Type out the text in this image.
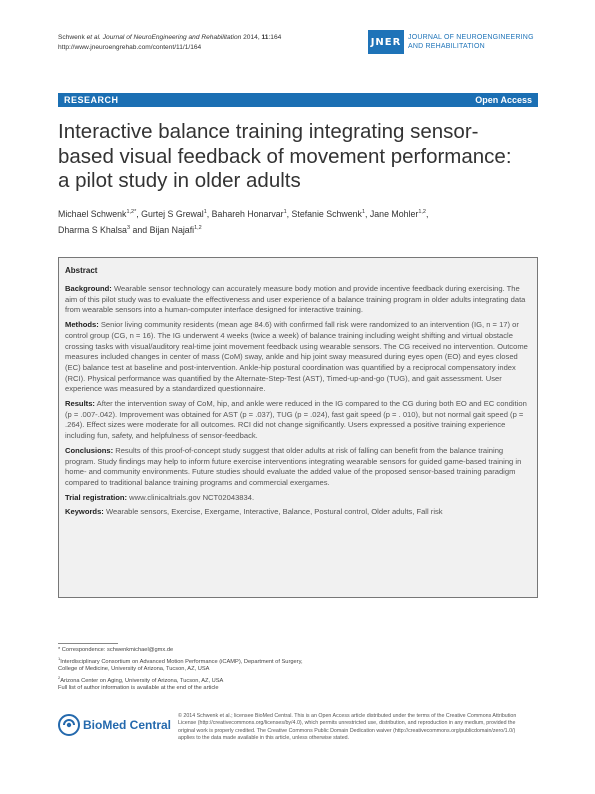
Schwenk et al. Journal of NeuroEngineering and Rehabilitation 2014, 11:164
http://www.jneuroengrehab.com/content/11/1/164	JNER JOURNAL OF NEUROENGINEERING
AND REHABILITATION
RESEARCH	Open Access
Interactive balance training integrating sensor-based visual feedback of movement performance: a pilot study in older adults
Michael Schwenk$^{1,2*}$, Gurtej S Grewal$^1$, Bahareh Honarvar$^1$, Stefanie Schwenk$^1$, Jane Mohler$^{1,2}$,
Dharma S Khalsa$^3$ and Bijan Najafi$^{1,2}$
Abstract

Background: Wearable sensor technology can accurately measure body motion and provide incentive feedback during exercising. The aim of this pilot study was to evaluate the effectiveness and user experience of a balance training program in older adults integrating data from wearable sensors into a human-computer interface designed for interactive training.

Methods: Senior living community residents (mean age 84.6) with confirmed fall risk were randomized to an intervention (IG, n = 17) or control group (CG, n = 16). The IG underwent 4 weeks (twice a week) of balance training including weight shifting and virtual obstacle crossing tasks with visual/auditory real-time joint movement feedback using wearable sensors. The CG received no intervention. Outcome measures included changes in center of mass (CoM) sway, ankle and hip joint sway measured during eyes open (EO) and eyes closed (EC) balance test at baseline and post-intervention. Ankle-hip postural coordination was quantified by a reciprocal compensatory index (RCI). Physical performance was quantified by the Alternate-Step-Test (AST), Timed-up-and-go (TUG), and gait assessment. User experience was measured by a standardized questionnaire.

Results: After the intervention sway of CoM, hip, and ankle were reduced in the IG compared to the CG during both EO and EC condition (p = .007-.042). Improvement was obtained for AST (p = .037), TUG (p = .024), fast gait speed (p = . 010), but not normal gait speed (p = .264). Effect sizes were moderate for all outcomes. RCI did not change significantly. Users expressed a positive training experience including fun, safety, and helpfulness of sensor-feedback.

Conclusions: Results of this proof-of-concept study suggest that older adults at risk of falling can benefit from the balance training program. Study findings may help to inform future exercise interventions integrating wearable sensors for guided game-based training in home- and community environments. Future studies should evaluate the added value of the proposed sensor-based training paradigm compared to traditional balance training programs and commercial exergames.

Trial registration: www.clinicaltrials.gov NCT02043834.

Keywords: Wearable sensors, Exercise, Exergame, Interactive, Balance, Postural control, Older adults, Fall risk

* Correspondence: schwenkmichael@gmx.de
$^1$Interdisciplinary Consortium on Advanced Motion Performance (iCAMP), Department of Surgery, College of Medicine, University of Arizona, Tucson, AZ, USA
$^2$Arizona Center on Aging, University of Arizona, Tucson, AZ, USA
Full list of author information is available at the end of the article
BioMed Central
© 2014 Schwenk et al.; licensee BioMed Central. This is an Open Access article distributed under the terms of the Creative Commons Attribution License (http://creativecommons.org/licenses/by/4.0), which permits unrestricted use, distribution, and reproduction in any medium, provided the original work is properly credited. The Creative Commons Public Domain Dedication waiver (http://creativecommons.org/publicdomain/zero/1.0/) applies to the data made available in this article, unless otherwise stated.
